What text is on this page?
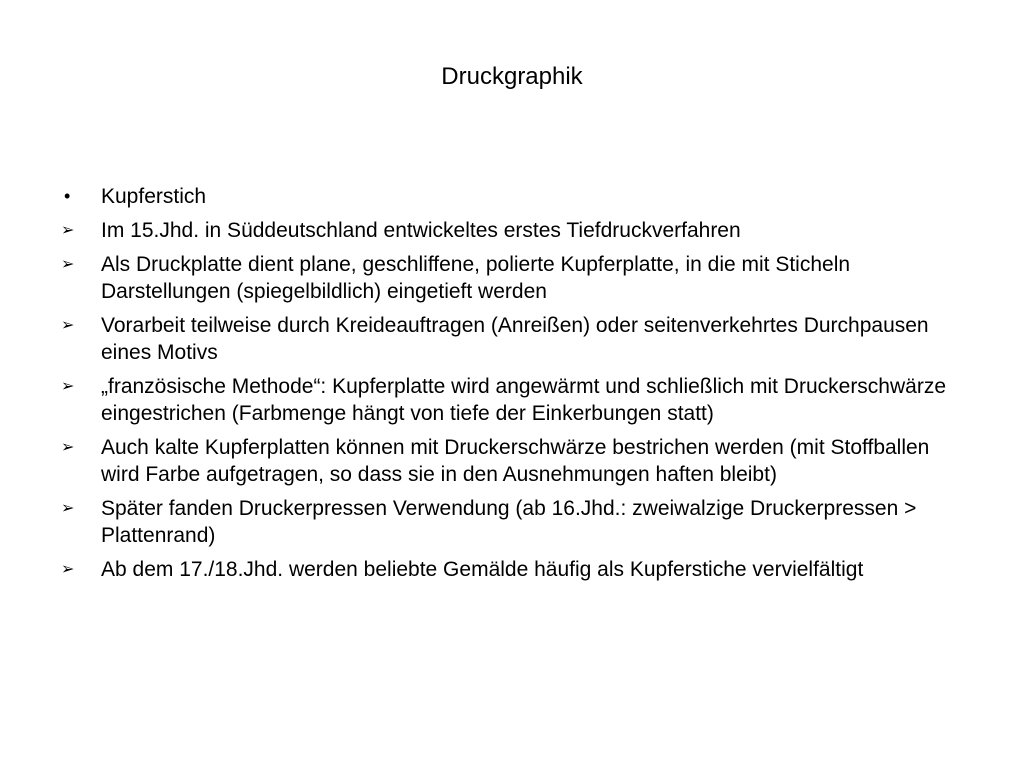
Druckgraphik
•	Kupferstich
➢	Im 15.Jhd. in Süddeutschland entwickeltes erstes Tiefdruckverfahren
➢	Als Druckplatte dient plane, geschliffene, polierte Kupferplatte, in die mit Sticheln Darstellungen (spiegelbildlich) eingetieft werden
➢	Vorarbeit teilweise durch Kreideauftragen (Anreißen) oder seitenverkehrtes Durchpausen eines Motivs
➢	„französische Methode“: Kupferplatte wird angewärmt und schließlich mit Druckerschwärze eingestrichen (Farbmenge hängt von tiefe der Einkerbungen statt)
➢	Auch kalte Kupferplatten können mit Druckerschwärze bestrichen werden (mit Stoffballen wird Farbe aufgetragen, so dass sie in den Ausnehmungen haften bleibt)
➢	Später fanden Druckerpressen Verwendung (ab 16.Jhd.: zweiwalzige Druckerpressen > Plattenrand)
➢	Ab dem 17./18.Jhd. werden beliebte Gemälde häufig als Kupferstiche vervielfältigt
